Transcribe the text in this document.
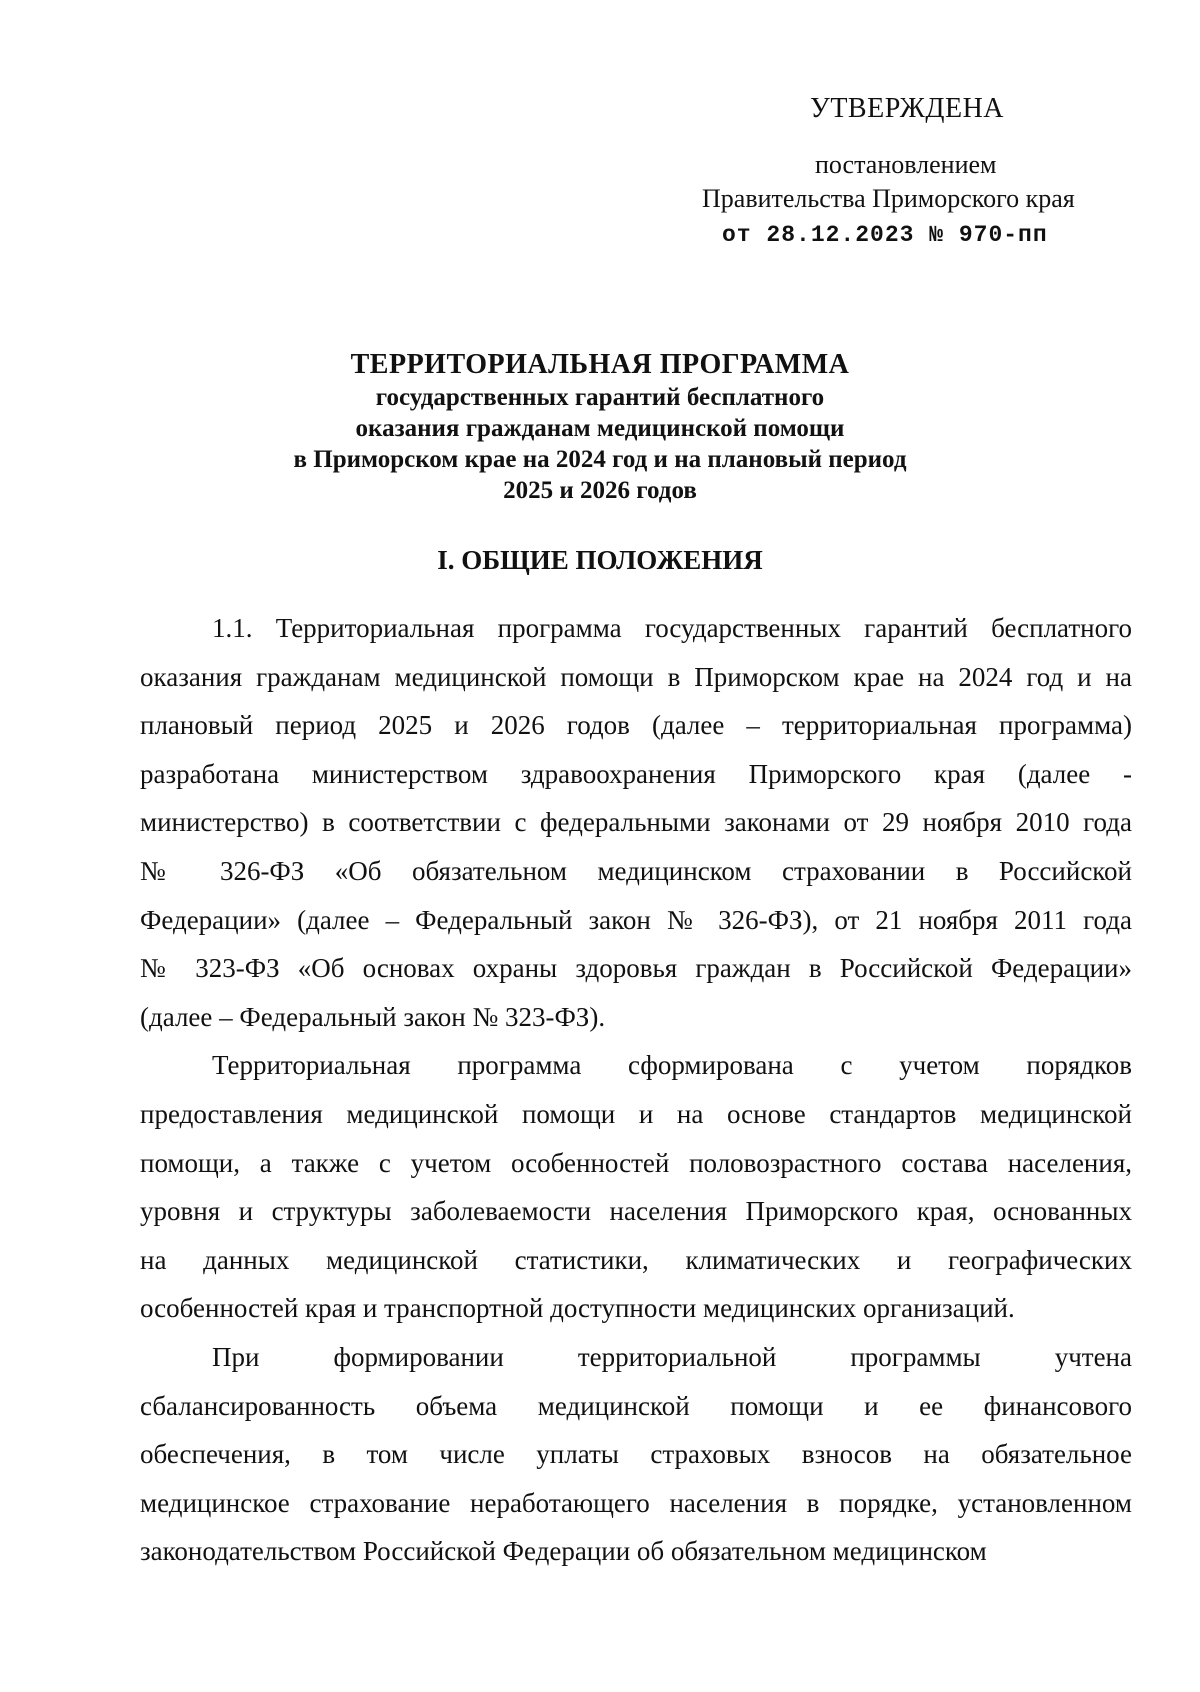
УТВЕРЖДЕНА
постановлением
Правительства Приморского края
от 28.12.2023 № 970-пп
ТЕРРИТОРИАЛЬНАЯ ПРОГРАММА
государственных гарантий бесплатного
оказания гражданам медицинской помощи
в Приморском крае на 2024 год и на плановый период
2025 и 2026 годов
I. ОБЩИЕ ПОЛОЖЕНИЯ

1.1. Территориальная программа государственных гарантий бесплатного
оказания гражданам медицинской помощи в Приморском крае на 2024 год и на
плановый период 2025 и 2026 годов (далее – территориальная программа)
разработана министерством здравоохранения Приморского края (далее -
министерство) в соответствии с федеральными законами от 29 ноября 2010 года
№ 326-ФЗ «Об обязательном медицинском страховании в Российской
Федерации» (далее – Федеральный закон № 326-ФЗ), от 21 ноября 2011 года
№ 323-ФЗ «Об основах охраны здоровья граждан в Российской Федерации»
(далее – Федеральный закон № 323-ФЗ).

Территориальная программа сформирована с учетом порядков
предоставления медицинской помощи и на основе стандартов медицинской
помощи, а также с учетом особенностей половозрастного состава населения,
уровня и структуры заболеваемости населения Приморского края, основанных
на данных медицинской статистики, климатических и географических
особенностей края и транспортной доступности медицинских организаций.

При формировании территориальной программы учтена
сбалансированность объема медицинской помощи и ее финансового
обеспечения, в том числе уплаты страховых взносов на обязательное
медицинское страхование неработающего населения в порядке, установленном
законодательством Российской Федерации об обязательном медицинском
